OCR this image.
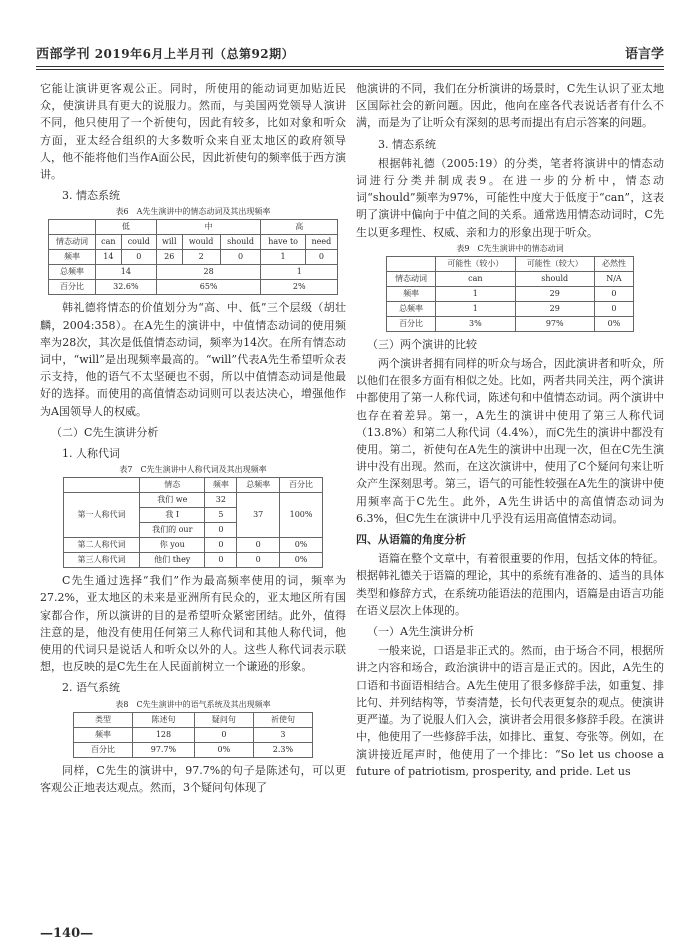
西部学刊 2019年6月上半月刊（总第92期）	语言学

它能让演讲更客观公正。同时，所使用的能动词更加贴近民众，使演讲具有更大的说服力。然而，与美国两党领导人演讲不同，他只使用了一个祈使句，因此有较多，比如对象和听众方面，亚太经合组织的大多数听众来自亚太地区的政府领导人，他不能将他们当作A面公民，因此祈使句的频率低于西方演讲。

3. 情态系统
表6　A先生演讲中的情态动词及其出现频率
	低		中			高	
情态动词	can	could	will	would	should	have to	need
频率	14	0	26	2	0	1	0
总频率	14		28			1	
百分比	32.6%		65%			2%	

韩礼德将情态的价值划分为“高、中、低”三个层级（胡壮麟，2004:358）。在A先生的演讲中，中值情态动词的使用频率为28次，其次是低值情态动词，频率为14次。在所有情态动词中，“will”是出现频率最高的。“will”代表A先生希望听众表示支持，他的语气不太坚硬也不弱，所以中值情态动词是他最好的选择。而使用的高值情态动词则可以表达决心，增强他作为A国领导人的权威。

（二）C先生演讲分析
1. 人称代词
表7　C先生演讲中人称代词及其出现频率
	情态	频率	总频率	百分比
第一人称代词	我们 we	32	37	100%
	我 I	5		
	我们的 our	0		
第二人称代词	你 you	0	0	0%
第三人称代词	他们 they	0	0	0%

C先生通过选择“我们”作为最高频率使用的词，频率为27.2%，亚太地区的未来是亚洲所有民众的，亚太地区所有国家都合作，所以演讲的目的是希望听众紧密团结。此外，值得注意的是，他没有使用任何第三人称代词和其他人称代词，他使用的代词只是说话人和听众以外的人。这些人称代词表示联想，也反映的是C先生在人民面前树立一个谦逊的形象。

2. 语气系统
表8　C先生演讲中的语气系统及其出现频率
类型	陈述句	疑问句	祈使句
频率	128	0	3
百分比	97.7%	0%	2.3%

同样，C先生的演讲中，97.7%的句子是陈述句，可以更客观公正地表达观点。然而，3个疑问句体现了

他演讲的不同，我们在分析演讲的场景时，C先生认识了亚太地区国际社会的新问题。因此，他向在座各代表说话者有什么不满，而是为了让听众有深刻的思考而提出有启示答案的问题。

3. 情态系统

根据韩礼德（2005:19）的分类，笔者将演讲中的情态动词进行分类并制成表9。在进一步的分析中，情态动词“should”频率为97%，可能性中度大于低度于“can”，这表明了演讲中偏向于中值之间的关系。通常选用情态动词时，C先生以更多理性、权威、亲和力的形象出现于听众。

表9　C先生演讲中的情态动词
	可能性（较小）	可能性（较大）	必然性
情态动词	can	should	N/A
频率	1	29	0
总频率	1	29	0
百分比	3%	97%	0%
（三）两个演讲的比较

两个演讲者拥有同样的听众与场合，因此演讲者和听众，所以他们在很多方面有相似之处。比如，两者共同关注，两个演讲中都使用了第一人称代词，陈述句和中值情态动词。两个演讲中也存在着差异。第一，A先生的演讲中使用了第三人称代词（13.8%）和第二人称代词（4.4%），而C先生的演讲中都没有使用。第二，祈使句在A先生的演讲中出现一次，但在C先生演讲中没有出现。然而，在这次演讲中，使用了C个疑问句来让听众产生深刻思考。第三，语气的可能性较强在A先生的演讲中使用频率高于C先生。此外，A先生讲话中的高值情态动词为6.3%，但C先生在演讲中几乎没有运用高值情态动词。

四、从语篇的角度分析

语篇在整个文章中，有着很重要的作用，包括文体的特征。根据韩礼德关于语篇的理论，其中的系统有准备的、适当的具体类型和修辞方式，在系统功能语法的范围内，语篇是由语言功能在语义层次上体现的。

（一）A先生演讲分析

一般来说，口语是非正式的。然而，由于场合不同，根据所讲之内容和场合，政治演讲中的语言是正式的。因此，A先生的口语和书面语相结合。A先生使用了很多修辞手法，如重复、排比句、并列结构等，节奏清楚，长句代表更复杂的观点。使演讲更严谨。为了说服人们入会，演讲者会用很多修辞手段。在演讲中，他使用了一些修辞手法，如排比、重复、夸张等。例如，在演讲接近尾声时，他使用了一个排比：“So let us choose a future of patriotism, prosperity, and pride. Let us

—140—
